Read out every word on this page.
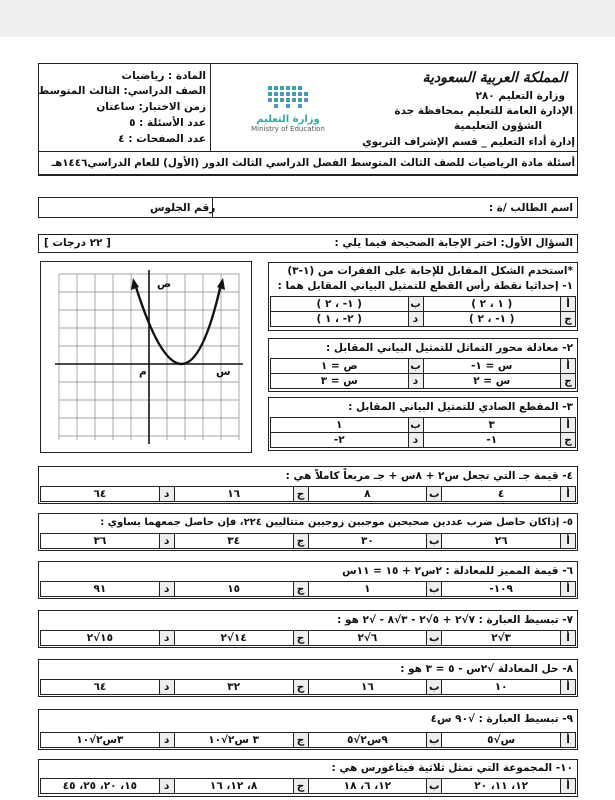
المملكة العربية السعودية
وزارة التعليم ٢٨٠
الإدارة العامة للتعليم بمحافظة جدة
الشؤون التعليمية
إدارة أداء التعليم _ قسم الإشراف التربوي
وزارة التعليم
Ministry of Education
المادة : رياضيات
الصف الدراسي: الثالث المتوسط
زمن الاختبار: ساعتان
عدد الأسئلة : ٥
عدد الصفحات : ٤
أسئلة مادة الرياضيات للصف الثالث المتوسط الفصل الدراسي الثالث الدور (الأول) للعام الدراسي١٤٤٦هـ
اسم الطالب /ة :
رقم الجلوس
السؤال الأول: اختر الإجابة الصحيحة فيما يلي :
[ ٢٢ درجات ]
ص
س
م
*استخدم الشكل المقابل للإجابة على الفقرات من (١-٣)
١- إحداثيا نقطة رأس القطع للتمثيل البياني المقابل هما :
أ	( ١ ، ٢ )	ب	( ١- ، ٢ )
ج	( ١- ، ٢ )	د	( ٢- ، ١ )
٢- معادلة محور التماثل للتمثيل البياني المقابل :
أ	س = ١-	ب	ص = ١
ج	س = ٢	د	س = ٣
٣- المقطع الصادي للتمثيل البياني المقابل :
أ	٣	ب	١
ج	١-	د	٢-
٤- قيمة جـ التي تجعل س٢ + ٨س + جـ مربعاً كاملاً هي :
أ	٤	ب	٨	ج	١٦	د	٦٤
٥- إذاكان حاصل ضرب عددين صحيحين موجبين زوجيين متتاليين ٢٢٤، فإن حاصل جمعهما يساوي :
أ	٢٦	ب	٣٠	ج	٣٤	د	٣٦
٦- قيمة المميز للمعادلة : ٢س٢ + ١٥ = ١١س
أ	١٠٩-	ب	١	ج	١٥	د	٩١
٧- تبسيط العبارة : ٧√٢ + ٥√٢ - ٣√٨ - √٢ هو :
أ	٣√٢	ب	٦√٢	ج	١٤√٢	د	١٥√٢
٨- حل المعادلة √٢س - ٥ = ٣ هو :
أ	١٠	ب	١٦	ج	٣٢	د	٦٤
٩- تبسيط العبارة : √٩٠ س٤
أ	س√٥	ب	٩س٢√٥	ج	٣ س٢√١٠	د	٣س٢√١٠
١٠- المجموعة التي تمثل ثلاثية فيثاغورس هي :
أ	١٢، ١١، ٢٠	ب	١٢، ٦، ١٨	ج	٨، ١٢، ١٦	د	١٥، ٢٠، ٢٥، ٤٥
